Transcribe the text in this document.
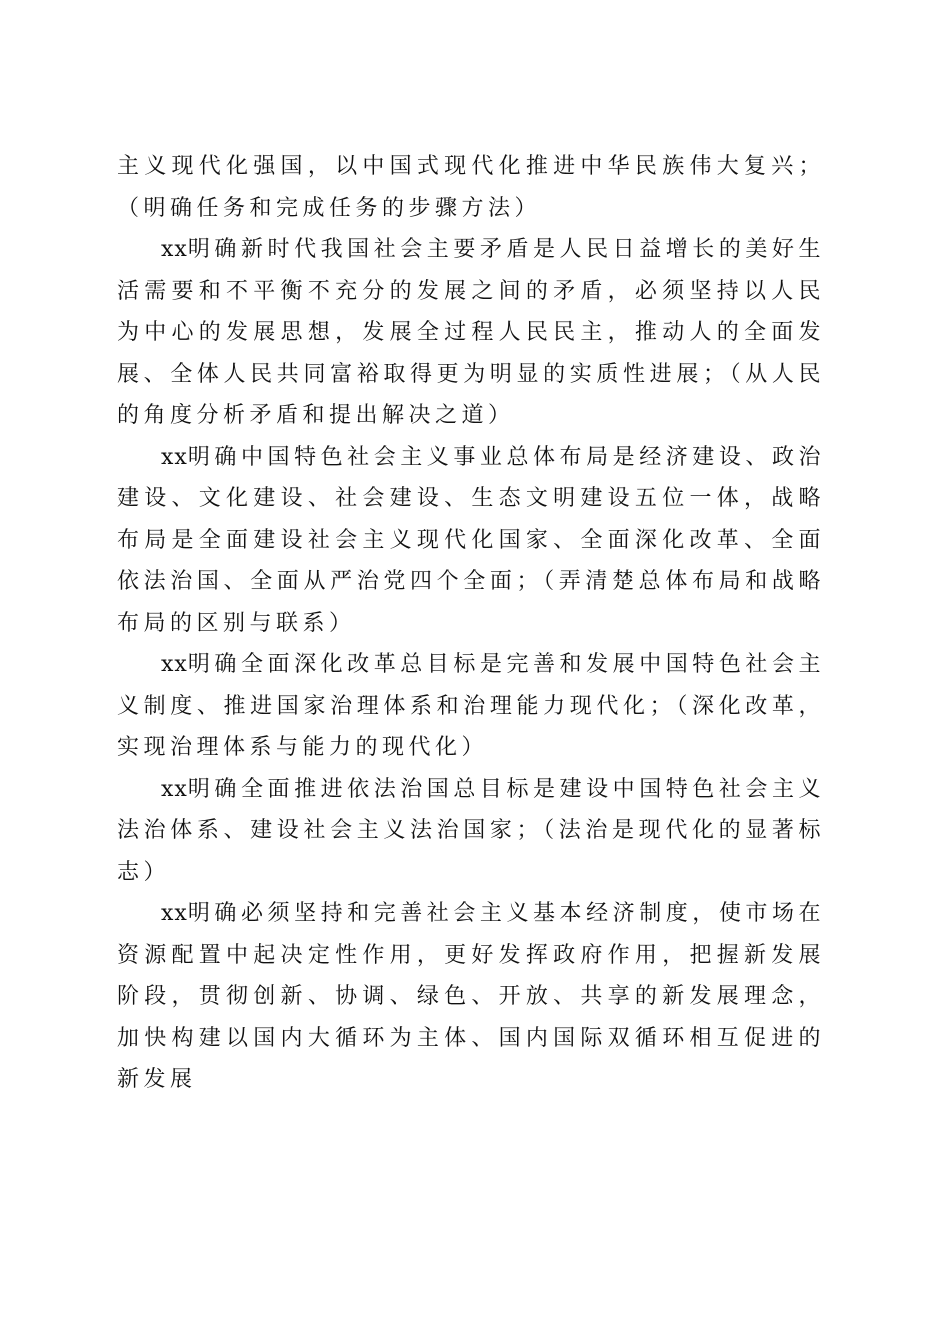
主义现代化强国，以中国式现代化推进中华民族伟大复兴；（明确任务和完成任务的步骤方法）

xx明确新时代我国社会主要矛盾是人民日益增长的美好生活需要和不平衡不充分的发展之间的矛盾，必须坚持以人民为中心的发展思想，发展全过程人民民主，推动人的全面发展、全体人民共同富裕取得更为明显的实质性进展；（从人民的角度分析矛盾和提出解决之道）

xx明确中国特色社会主义事业总体布局是经济建设、政治建设、文化建设、社会建设、生态文明建设五位一体，战略布局是全面建设社会主义现代化国家、全面深化改革、全面依法治国、全面从严治党四个全面；（弄清楚总体布局和战略布局的区别与联系）

xx明确全面深化改革总目标是完善和发展中国特色社会主义制度、推进国家治理体系和治理能力现代化；（深化改革，实现治理体系与能力的现代化）

xx明确全面推进依法治国总目标是建设中国特色社会主义法治体系、建设社会主义法治国家；（法治是现代化的显著标志）

xx明确必须坚持和完善社会主义基本经济制度，使市场在资源配置中起决定性作用，更好发挥政府作用，把握新发展阶段，贯彻创新、协调、绿色、开放、共享的新发展理念，加快构建以国内大循环为主体、国内国际双循环相互促进的新发展
